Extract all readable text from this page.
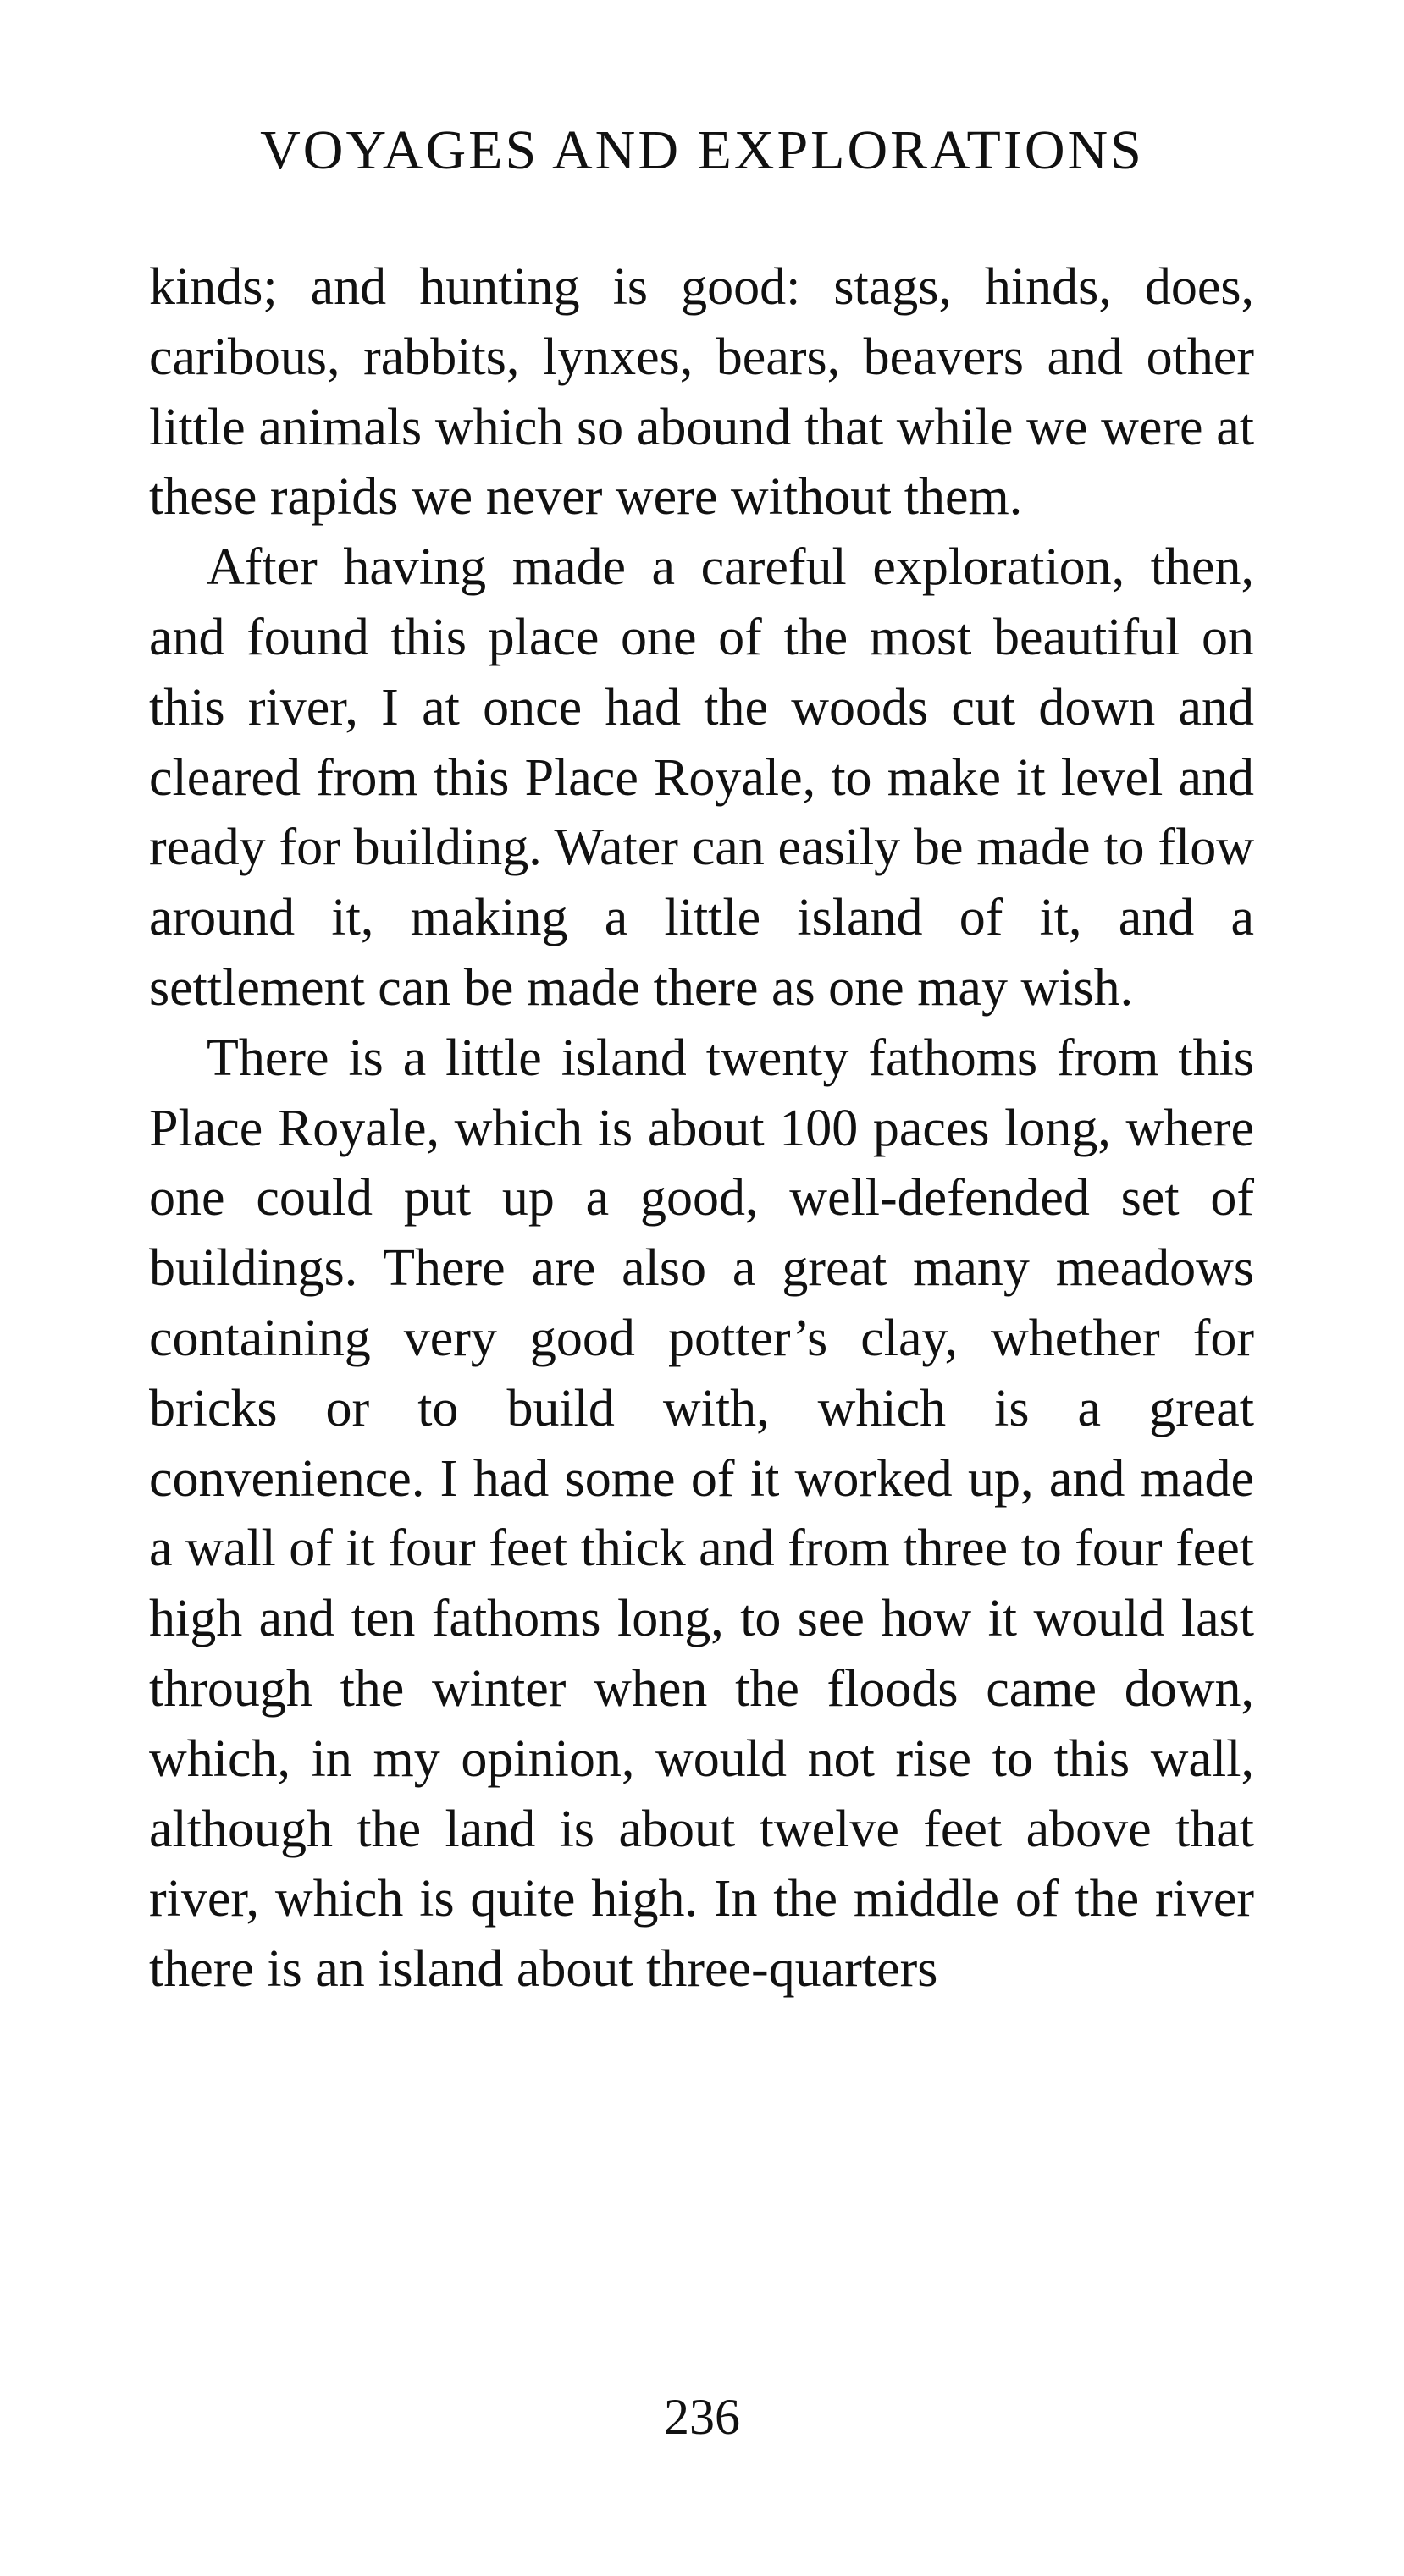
VOYAGES AND EXPLORATIONS

kinds; and hunting is good: stags, hinds, does, caribous, rabbits, lynxes, bears, beavers and other little animals which so abound that while we were at these rapids we never were without them.

After having made a careful exploration, then, and found this place one of the most beautiful on this river, I at once had the woods cut down and cleared from this Place Royale, to make it level and ready for building. Water can easily be made to flow around it, making a little island of it, and a settlement can be made there as one may wish.

There is a little island twenty fathoms from this Place Royale, which is about 100 paces long, where one could put up a good, well-defended set of buildings. There are also a great many meadows containing very good potter’s clay, whether for bricks or to build with, which is a great convenience. I had some of it worked up, and made a wall of it four feet thick and from three to four feet high and ten fathoms long, to see how it would last through the winter when the floods came down, which, in my opinion, would not rise to this wall, although the land is about twelve feet above that river, which is quite high. In the middle of the river there is an island about three-quarters

236
